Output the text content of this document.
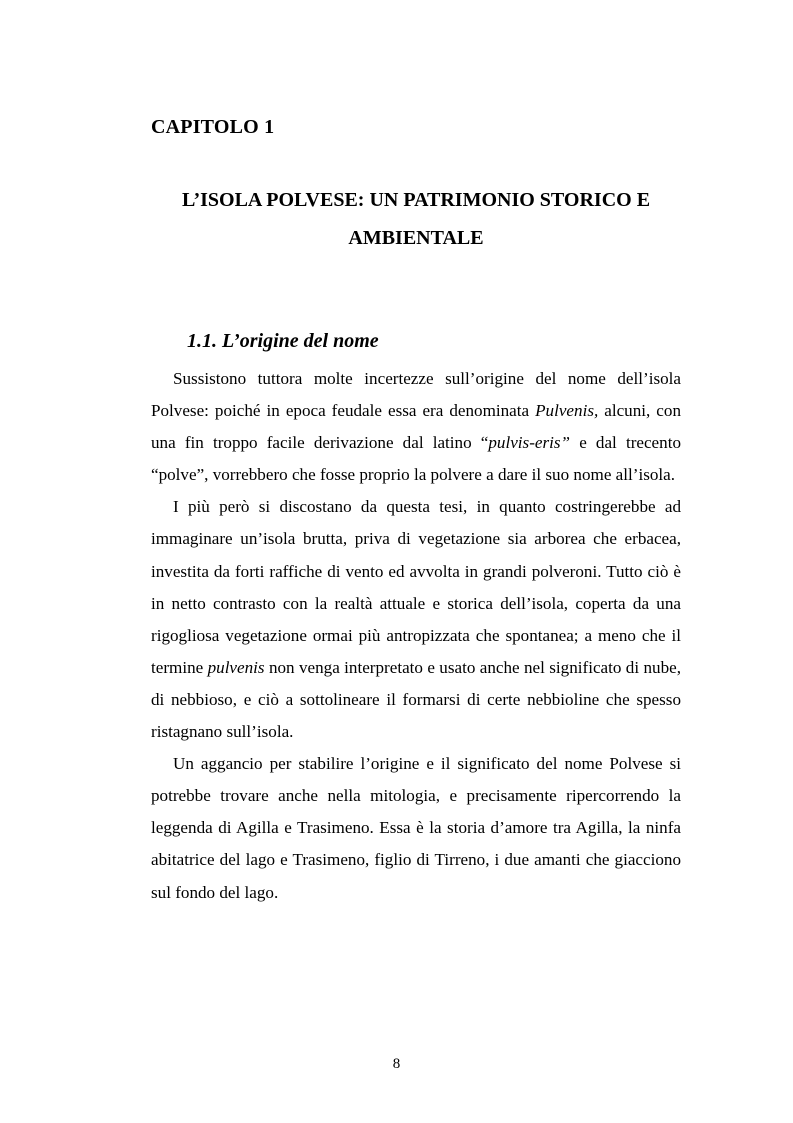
CAPITOLO 1
L’ISOLA POLVESE: UN PATRIMONIO STORICO E
AMBIENTALE
1.1. L’origine del nome

Sussistono tuttora molte incertezze sull’origine del nome dell’isola Polvese: poiché in epoca feudale essa era denominata Pulvenis, alcuni, con una fin troppo facile derivazione dal latino “pulvis-eris” e dal trecento “polve”, vorrebbero che fosse proprio la polvere a dare il suo nome all’isola.

I più però si discostano da questa tesi, in quanto costringerebbe ad immaginare un’isola brutta, priva di vegetazione sia arborea che erbacea, investita da forti raffiche di vento ed avvolta in grandi polveroni. Tutto ciò è in netto contrasto con la realtà attuale e storica dell’isola, coperta da una rigogliosa vegetazione ormai più antropizzata che spontanea; a meno che il termine pulvenis non venga interpretato e usato anche nel significato di nube, di nebbioso, e ciò a sottolineare il formarsi di certe nebbioline che spesso ristagnano sull’isola.

Un aggancio per stabilire l’origine e il significato del nome Polvese si potrebbe trovare anche nella mitologia, e precisamente ripercorrendo la leggenda di Agilla e Trasimeno. Essa è la storia d’amore tra Agilla, la ninfa abitatrice del lago e Trasimeno, figlio di Tirreno, i due amanti che giacciono sul fondo del lago.

8
